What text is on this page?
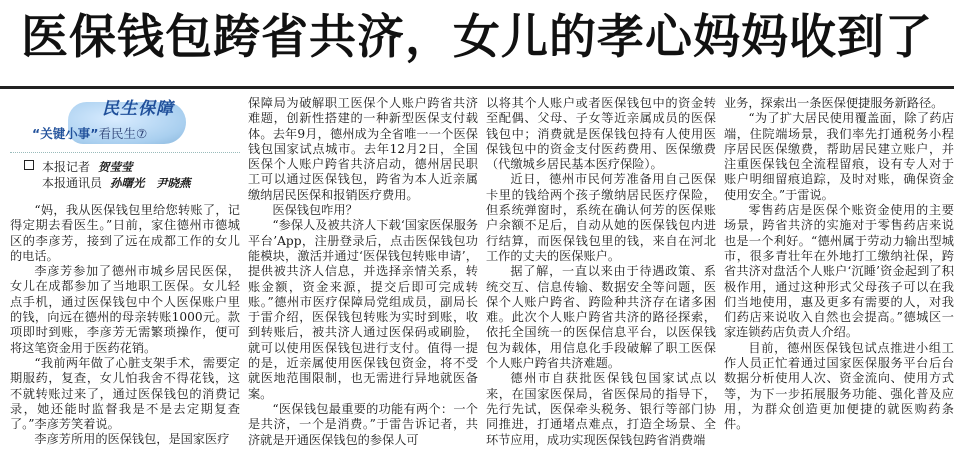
医保钱包跨省共济，女儿的孝心妈妈收到了
民生保障
“关键小事”看民生⑦
本报记者 贺莹莹
本报通讯员 孙曙光　尹晓燕

“妈，我从医保钱包里给您转账了，记得定期去看医生。”日前，家住德州市德城区的李彦芳，接到了远在成都工作的女儿的电话。

李彦芳参加了德州市城乡居民医保，女儿在成都参加了当地职工医保。女儿轻点手机，通过医保钱包中个人医保账户里的钱，向远在德州的母亲转账1000元。款项即时到账，李彦芳无需繁琐操作，便可将这笔资金用于医药花销。

“我前两年做了心脏支架手术，需要定期服药，复查，女儿怕我舍不得花钱，这不就转账过来了，通过医保钱包的消费记录，她还能时监督我是不是去定期复查了。”李彦芳笑着说。

李彦芳所用的医保钱包，是国家医疗

保障局为破解职工医保个人账户跨省共济难题，创新性搭建的一种新型医保支付载体。去年9月，德州成为全省唯一一个医保钱包国家试点城市。去年12月2日，全国医保个人账户跨省共济启动，德州居民职工可以通过医保钱包，跨省为本人近亲属缴纳居民医保和报销医疗费用。

医保钱包咋用？

“参保人及被共济人下载‘国家医保服务平台’App，注册登录后，点击医保钱包功能模块，激活并通过‘医保钱包转账申请’，提供被共济人信息，并选择亲情关系，转账金额，资金来源，提交后即可完成转账。”德州市医疗保障局党组成员，副局长于雷介绍，医保钱包转账为实时到账，收到转账后，被共济人通过医保码或刷脸，就可以使用医保钱包进行支付。值得一提的是，近亲属使用医保钱包资金，将不受就医地范围限制，也无需进行异地就医备案。

“医保钱包最重要的功能有两个：一个是共济，一个是消费。”于雷告诉记者，共济就是开通医保钱包的参保人可

以将其个人账户或者医保钱包中的资金转至配偶、父母、子女等近亲属成员的医保钱包中；消费就是医保钱包持有人使用医保钱包中的资金支付医药费用、医保缴费（代缴城乡居民基本医疗保险）。

近日，德州市民何芳准备用自己医保卡里的钱给两个孩子缴纳居民医疗保险，但系统弹窗时，系统在确认何芳的医保账户余额不足后，自动从她的医保钱包内进行结算，而医保钱包里的钱，来自在河北工作的丈夫的医保账户。

据了解，一直以来由于待遇政策、系统交互、信息传输、数据安全等问题，医保个人账户跨省、跨险种共济存在诸多困难。此次个人账户跨省共济的路径探索，依托全国统一的医保信息平台，以医保钱包为载体，用信息化手段破解了职工医保个人账户跨省共济难题。

德州市自获批医保钱包国家试点以来，在国家医保局，省医保局的指导下，先行先试，医保牵头税务、银行等部门协同推进，打通堵点难点，打造全场景、全环节应用，成功实现医保钱包跨省消费端

业务，探索出一条医保便捷服务新路径。

“为了扩大居民使用覆盖面，除了药店端，住院端场景，我们率先打通税务小程序居民医保缴费，帮助居民建立账户，并注重医保钱包全流程留痕，设有专人对于账户明细留痕追踪，及时对账，确保资金使用安全。”于雷说。

零售药店是医保个账资金使用的主要场景，跨省共济的实施对于零售药店来说也是一个利好。“德州属于劳动力输出型城市，很多青壮年在外地打工缴纳社保，跨省共济对盘活个人账户‘沉睡’资金起到了积极作用，通过这种形式父母孩子可以在我们当地使用，惠及更多有需要的人，对我们药店来说收入自然也会提高。”德城区一家连锁药店负责人介绍。

目前，德州医保钱包试点推进小组工作人员正忙着通过国家医保服务平台后台数据分析使用人次、资金流向、使用方式等，为下一步拓展服务功能、强化普及应用，为群众创造更加便捷的就医购药条件。
